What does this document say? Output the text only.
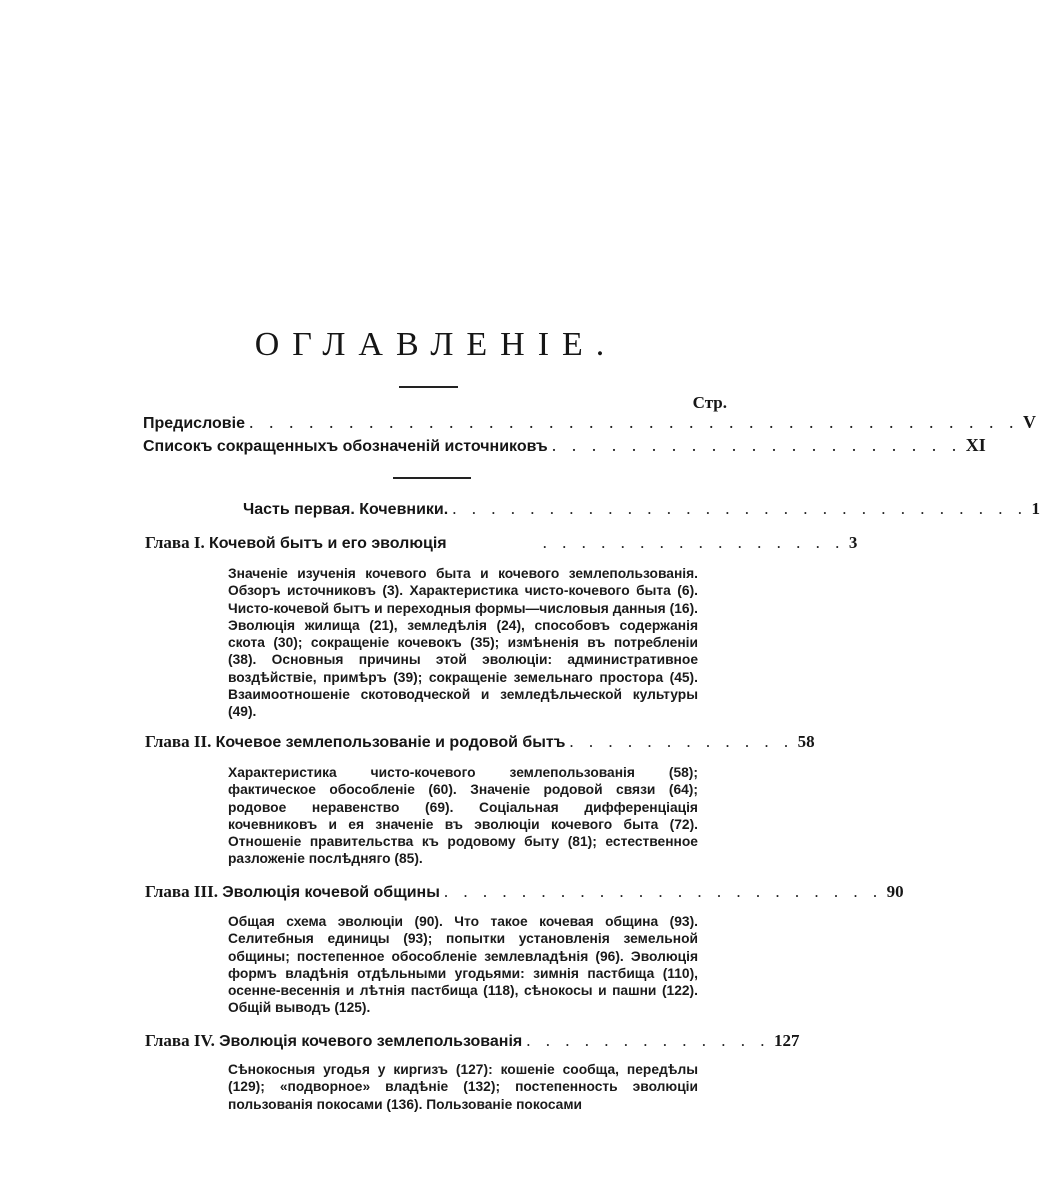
ОГЛАВЛЕНІЕ.
Стр.
Предисловіе . . . . . . . . . . . . . . . . . . . . . . . . . . . . . . . . . . . . . . . V
Списокъ сокращенныхъ обозначеній источниковъ . . . . . . . . . . . . . . . . . . . . . XI
Часть первая. Кочевники. . . . . . . . . . . . . . . . . . . . . . . . . . . . . . . 1
Глава I. Кочевой бытъ и его эволюція	. . . . . . . . . . . . . . . . 3
Значеніе изученія кочевого быта и кочевого землепользованія. Обзоръ источниковъ (3). Характеристика чисто-кочевого быта (6). Чисто-кочевой бытъ и переходныя формы—числовыя данныя (16). Эволюція жилища (21), земледѣлія (24), способовъ содержанія скота (30); сокращеніе кочевокъ (35); измѣненія въ потребленіи (38). Основныя причины этой эволюціи: административное воздѣйствіе, примѣръ (39); сокращеніе земельнаго простора (45). Взаимоотношеніе скотоводческой и земледѣльческой культуры (49).
Глава II. Кочевое землепользованіе и родовой бытъ . . . . . . . . . . . . 58
Характеристика чисто-кочевого землепользованія (58); фактическое обособленіе (60). Значеніе родовой связи (64); родовое неравенство (69). Соціальная дифференціація кочевниковъ и ея значеніе въ эволюціи кочевого быта (72). Отношеніе правительства къ родовому быту (81); естественное разложеніе послѣдняго (85).
Глава III. Эволюція кочевой общины . . . . . . . . . . . . . . . . . . . . . . . 90
Общая схема эволюціи (90). Что такое кочевая община (93). Селитебныя единицы (93); попытки установленія земельной общины; постепенное обособленіе землевладѣнія (96). Эволюція формъ владѣнія отдѣльными угодьями: зимнія пастбища (110), осенне-весеннія и лѣтнія пастбища (118), сѣнокосы и пашни (122). Общій выводъ (125).
Глава IV. Эволюція кочевого землепользованія . . . . . . . . . . . . . 127
Сѣнокосныя угодья у киргизъ (127): кошеніе сообща, передѣлы (129); «подворное» владѣніе (132); постепенность эволюціи пользованія покосами (136). Пользованіе покосами
